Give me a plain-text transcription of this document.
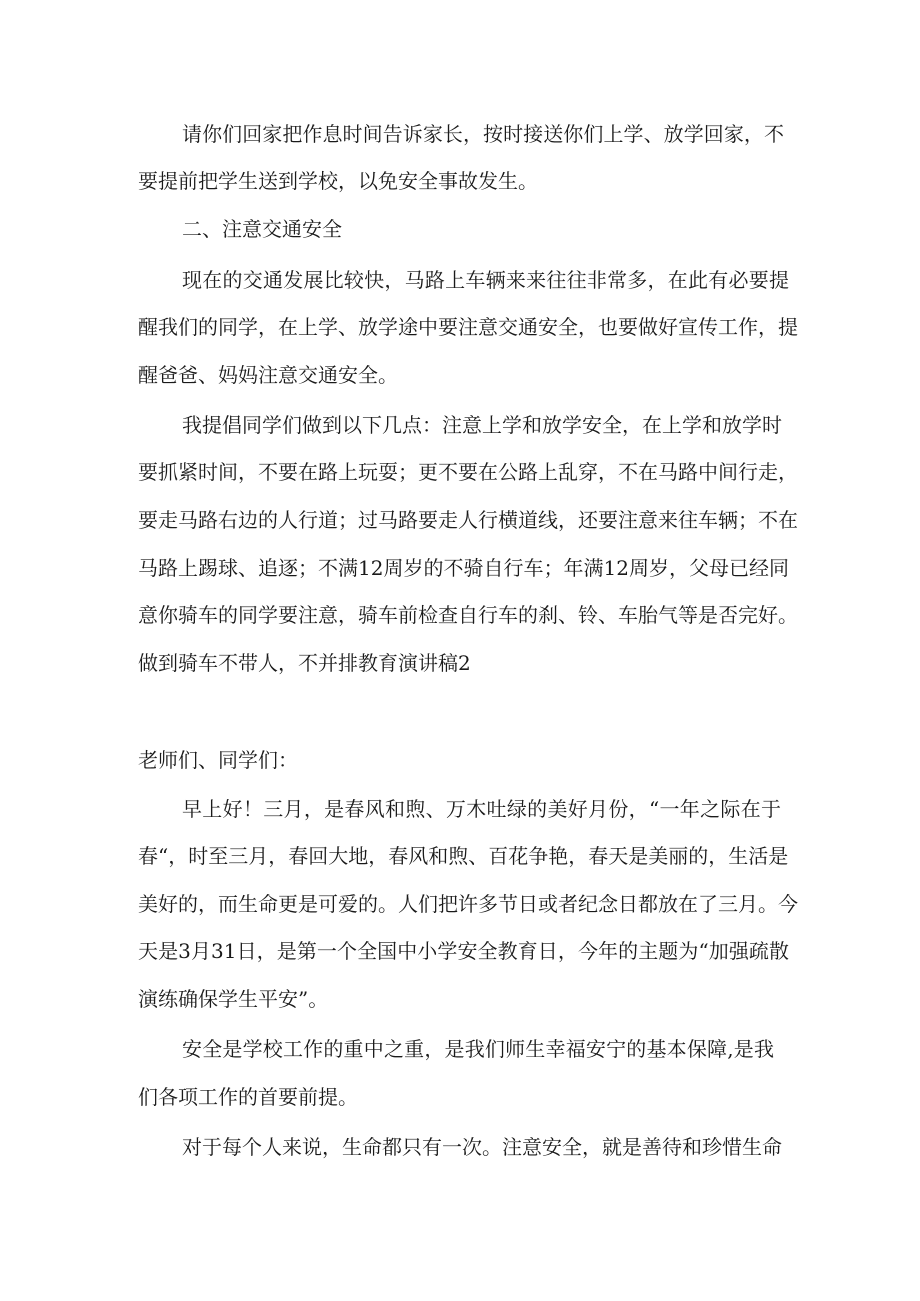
请你们回家把作息时间告诉家长，按时接送你们上学、放学回家，不

要提前把学生送到学校，以免安全事故发生。

二、注意交通安全

现在的交通发展比较快，马路上车辆来来往往非常多，在此有必要提

醒我们的同学，在上学、放学途中要注意交通安全，也要做好宣传工作，提

醒爸爸、妈妈注意交通安全。

我提倡同学们做到以下几点：注意上学和放学安全，在上学和放学时

要抓紧时间，不要在路上玩耍；更不要在公路上乱穿，不在马路中间行走，

要走马路右边的人行道；过马路要走人行横道线，还要注意来往车辆；不在

马路上踢球、追逐；不满12周岁的不骑自行车；年满12周岁，父母已经同

意你骑车的同学要注意，骑车前检查自行车的刹、铃、车胎气等是否完好。

做到骑车不带人，不并排教育演讲稿2

老师们、同学们：

早上好！三月，是春风和煦、万木吐绿的美好月份，“一年之际在于

春“，时至三月，春回大地，春风和煦、百花争艳，春天是美丽的，生活是

美好的，而生命更是可爱的。人们把许多节日或者纪念日都放在了三月。今

天是3月31日，是第一个全国中小学安全教育日，今年的主题为“加强疏散

演练确保学生平安”。

安全是学校工作的重中之重，是我们师生幸福安宁的基本保障,是我

们各项工作的首要前提。

对于每个人来说，生命都只有一次。注意安全，就是善待和珍惜生命
